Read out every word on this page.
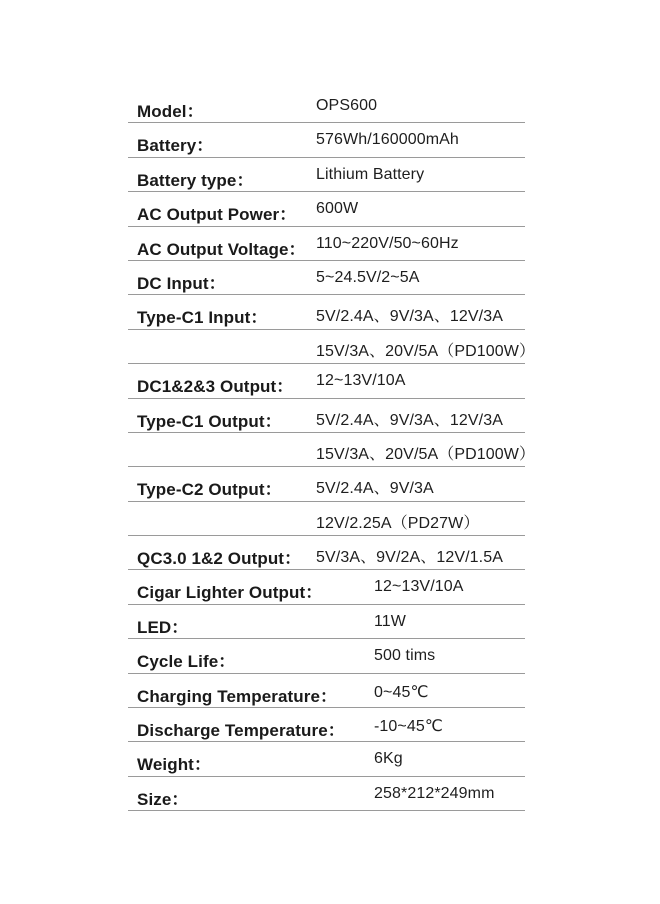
Model：	OPS600
Battery：	576Wh/160000mAh
Battery type：	Lithium Battery
AC Output Power： 600W
AC Output Voltage： 110~220V/50~60Hz
DC Input：	5~24.5V/2~5A
Type-C1 Input：	5V/2.4A、9V/3A、12V/3A
15V/3A、20V/5A（PD100W）
DC1&2&3 Output： 12~13V/10A
Type-C1 Output： 5V/2.4A、9V/3A、12V/3A
15V/3A、20V/5A（PD100W）
Type-C2 Output： 5V/2.4A、9V/3A
12V/2.25A（PD27W）
QC3.0 1&2 Output： 5V/3A、9V/2A、12V/1.5A
Cigar Lighter Output：	12~13V/10A
LED：	11W
Cycle Life：	500 tims
Charging Temperature： 0~45℃
Discharge Temperature： -10~45℃
Weight：	6Kg
Size：	258*212*249mm
